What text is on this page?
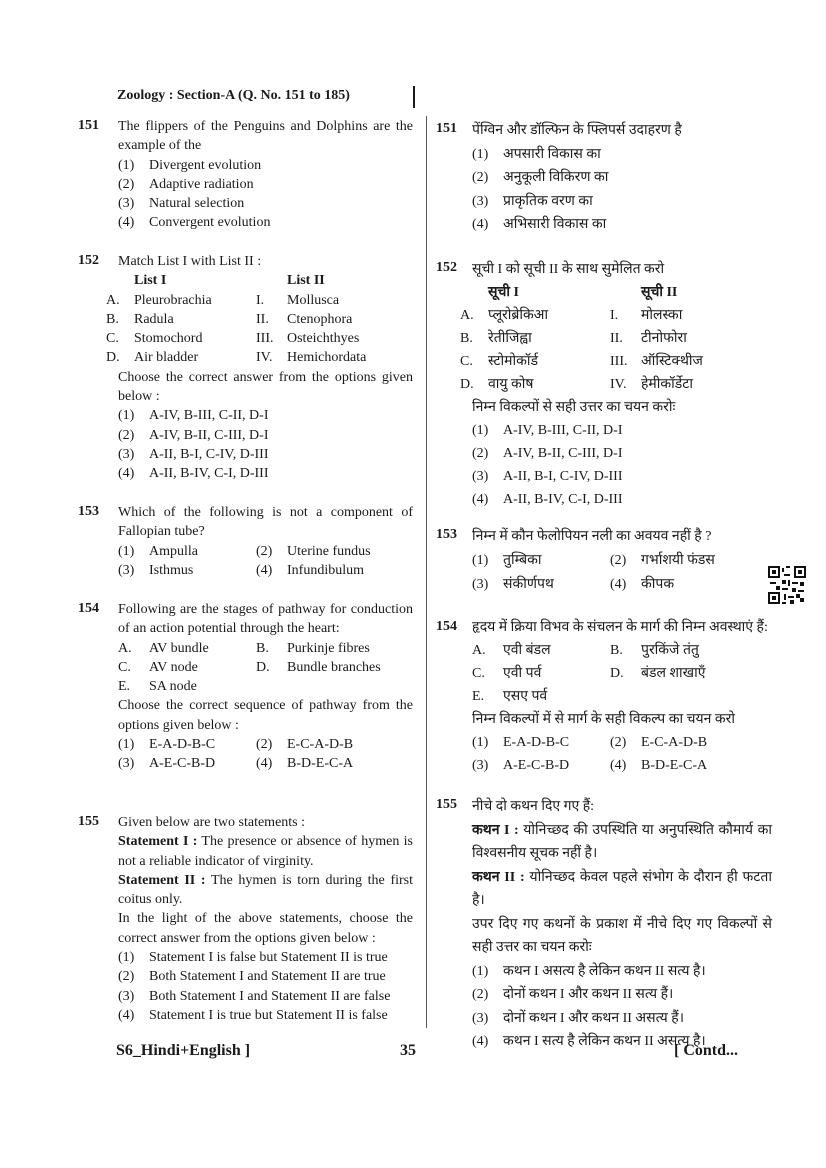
Zoology : Section-A (Q. No. 151 to 185)
151 The flippers of the Penguins and Dolphins are the example of the
(1)	Divergent evolution
(2)	Adaptive radiation
(3)	Natural selection
(4)	Convergent evolution
151 पेंग्विन और डॉल्फिन के फ्लिपर्स उदाहरण है
(1)	अपसारी विकास का
(2)	अनुकूली विकिरण का
(3)	प्राकृतिक वरण का
(4)	अभिसारी विकास का
152 Match List I with List II :
List I	List II
A.	Pleurobrachia	I.	Mollusca
B.	Radula	II.	Ctenophora
C.	Stomochord	III. Osteichthyes
D.	Air bladder	IV.	Hemichordata
Choose the correct answer from the options given below :
(1)	A-IV, B-III, C-II, D-I
(2)	A-IV, B-II, C-III, D-I
(3)	A-II, B-I, C-IV, D-III
(4)	A-II, B-IV, C-I, D-III
152 सूची I को सूची II के साथ सुमेलित करो
सूची I	सूची II
A.	प्लूरोब्रेकिआ	I.	मोलस्का
B.	रेतीजिह्वा	II.	टीनोफोरा
C.	स्टोमोकॉर्ड	III. ऑस्टिक्थीज
D.	वायु कोष	IV.	हेमीकॉर्डेटा
निम्न विकल्पों से सही उत्तर का चयन करोः
(1)	A-IV, B-III, C-II, D-I
(2)	A-IV, B-II, C-III, D-I
(3)	A-II, B-I, C-IV, D-III
(4)	A-II, B-IV, C-I, D-III
153 Which of the following is not a component of Fallopian tube?
(1)	Ampulla	(2)	Uterine fundus
(3)	Isthmus	(4)	Infundibulum
153 निम्न में कौन फेलोपियन नली का अवयव नहीं है ?
(1)	तुम्बिका	(2)	गर्भाशयी फंडस
(3)	संकीर्णपथ	(4)	कीपक
154 Following are the stages of pathway for conduction of an action potential through the heart:
A.	AV bundle	B.	Purkinje fibres
C.	AV node	D.	Bundle branches
E.	SA node
Choose the correct sequence of pathway from the options given below :
(1)	E-A-D-B-C	(2)	E-C-A-D-B
(3)	A-E-C-B-D	(4)	B-D-E-C-A
154 हृदय में क्रिया विभव के संचलन के मार्ग की निम्न अवस्थाएं हैं:
A.	एवी बंडल	B.	पुरकिंजे तंतु
C.	एवी पर्व	D.	बंडल शाखाएँ
E.	एसए पर्व
निम्न विकल्पों में से मार्ग के सही विकल्प का चयन करो
(1)	E-A-D-B-C	(2)	E-C-A-D-B
(3)	A-E-C-B-D	(4)	B-D-E-C-A
155 Given below are two statements :
Statement I : The presence or absence of hymen is not a reliable indicator of virginity.
Statement II : The hymen is torn during the first coitus only.
In the light of the above statements, choose the correct answer from the options given below :
(1)	Statement I is false but Statement II is true
(2)	Both Statement I and Statement II are true
(3)	Both Statement I and Statement II are false
(4)	Statement I is true but Statement II is false
155 नीचे दो कथन दिए गए हैं:
कथन I : योनिच्छद की उपस्थिति या अनुपस्थिति कौमार्य का विश्वसनीय सूचक नहीं है।
कथन II : योनिच्छद केवल पहले संभोग के दौरान ही फटता है।
उपर दिए गए कथनों के प्रकाश में नीचे दिए गए विकल्पों से सही उत्तर का चयन करोः
(1)	कथन I असत्य है लेकिन कथन II सत्य है।
(2)	दोनों कथन I और कथन II सत्य हैं।
(3)	दोनों कथन I और कथन II असत्य हैं।
(4)	कथन I सत्य है लेकिन कथन II असत्य है।
S6_Hindi+English ]	35	[ Contd...
